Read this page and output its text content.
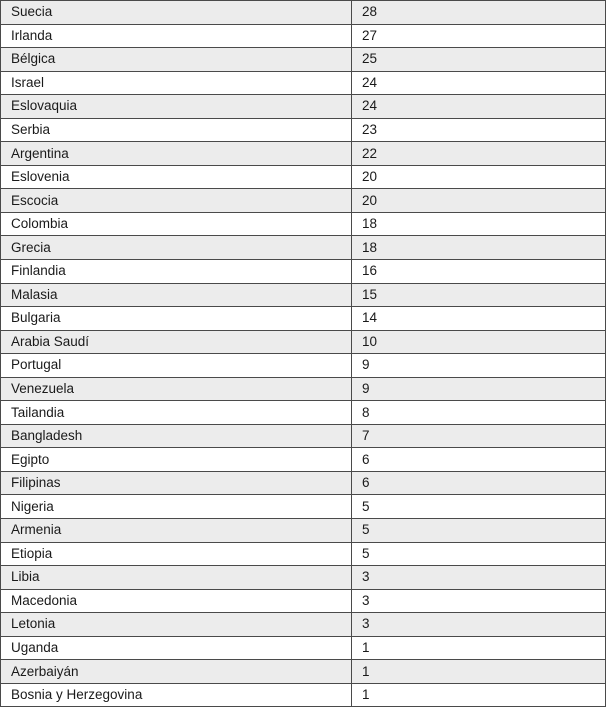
Suecia	28
Irlanda	27
Bélgica	25
Israel	24
Eslovaquia	24
Serbia	23
Argentina	22
Eslovenia	20
Escocia	20
Colombia	18
Grecia	18
Finlandia	16
Malasia	15
Bulgaria	14
Arabia Saudí	10
Portugal	9
Venezuela	9
Tailandia	8
Bangladesh	7
Egipto	6
Filipinas	6
Nigeria	5
Armenia	5
Etiopia	5
Libia	3
Macedonia	3
Letonia	3
Uganda	1
Azerbaiyán	1
Bosnia y Herzegovina	1
